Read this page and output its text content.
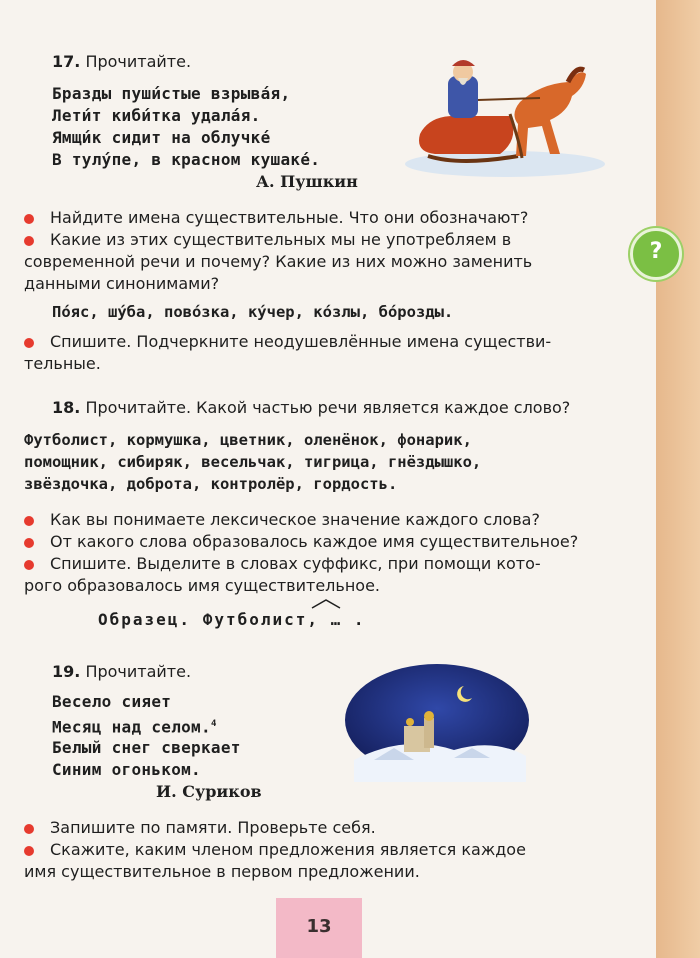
17. Прочитайте.
Бразды пуши́стые взрыва́я,
Лети́т киби́тка удала́я.
Ямщи́к сидит на облучке́
В тулу́пе, в красном кушаке́.
А. Пушкин
Найдите имена существительные. Что они обозначают?
Какие из этих существительных мы не употребляем в
современной речи и почему? Какие из них можно заменить
данными синонимами?
По́яс, шу́ба, пово́зка, ку́чер, ко́злы, бо́розды.
Спишите. Подчеркните неодушевлённые имена существи-
тельные.
18. Прочитайте. Какой частью речи является каждое слово?
Футболист, кормушка, цветник, оленёнок, фонарик,
помощник, сибиряк, весельчак, тигрица, гнёздышко,
звёздочка, доброта, контролёр, гордость.
Как вы понимаете лексическое значение каждого слова?
От какого слова образовалось каждое имя существительное?
Спишите. Выделите в словах суффикс, при помощи кото-
рого образовалось имя существительное.
Образец. Футболист, … .
19. Прочитайте.
Весело сияет
Месяц над селом.$^4$
Белый снег сверкает
Синим огоньком.
И. Суриков
Запишите по памяти. Проверьте себя.
Скажите, каким членом предложения является каждое
имя существительное в первом предложении.
?
13
